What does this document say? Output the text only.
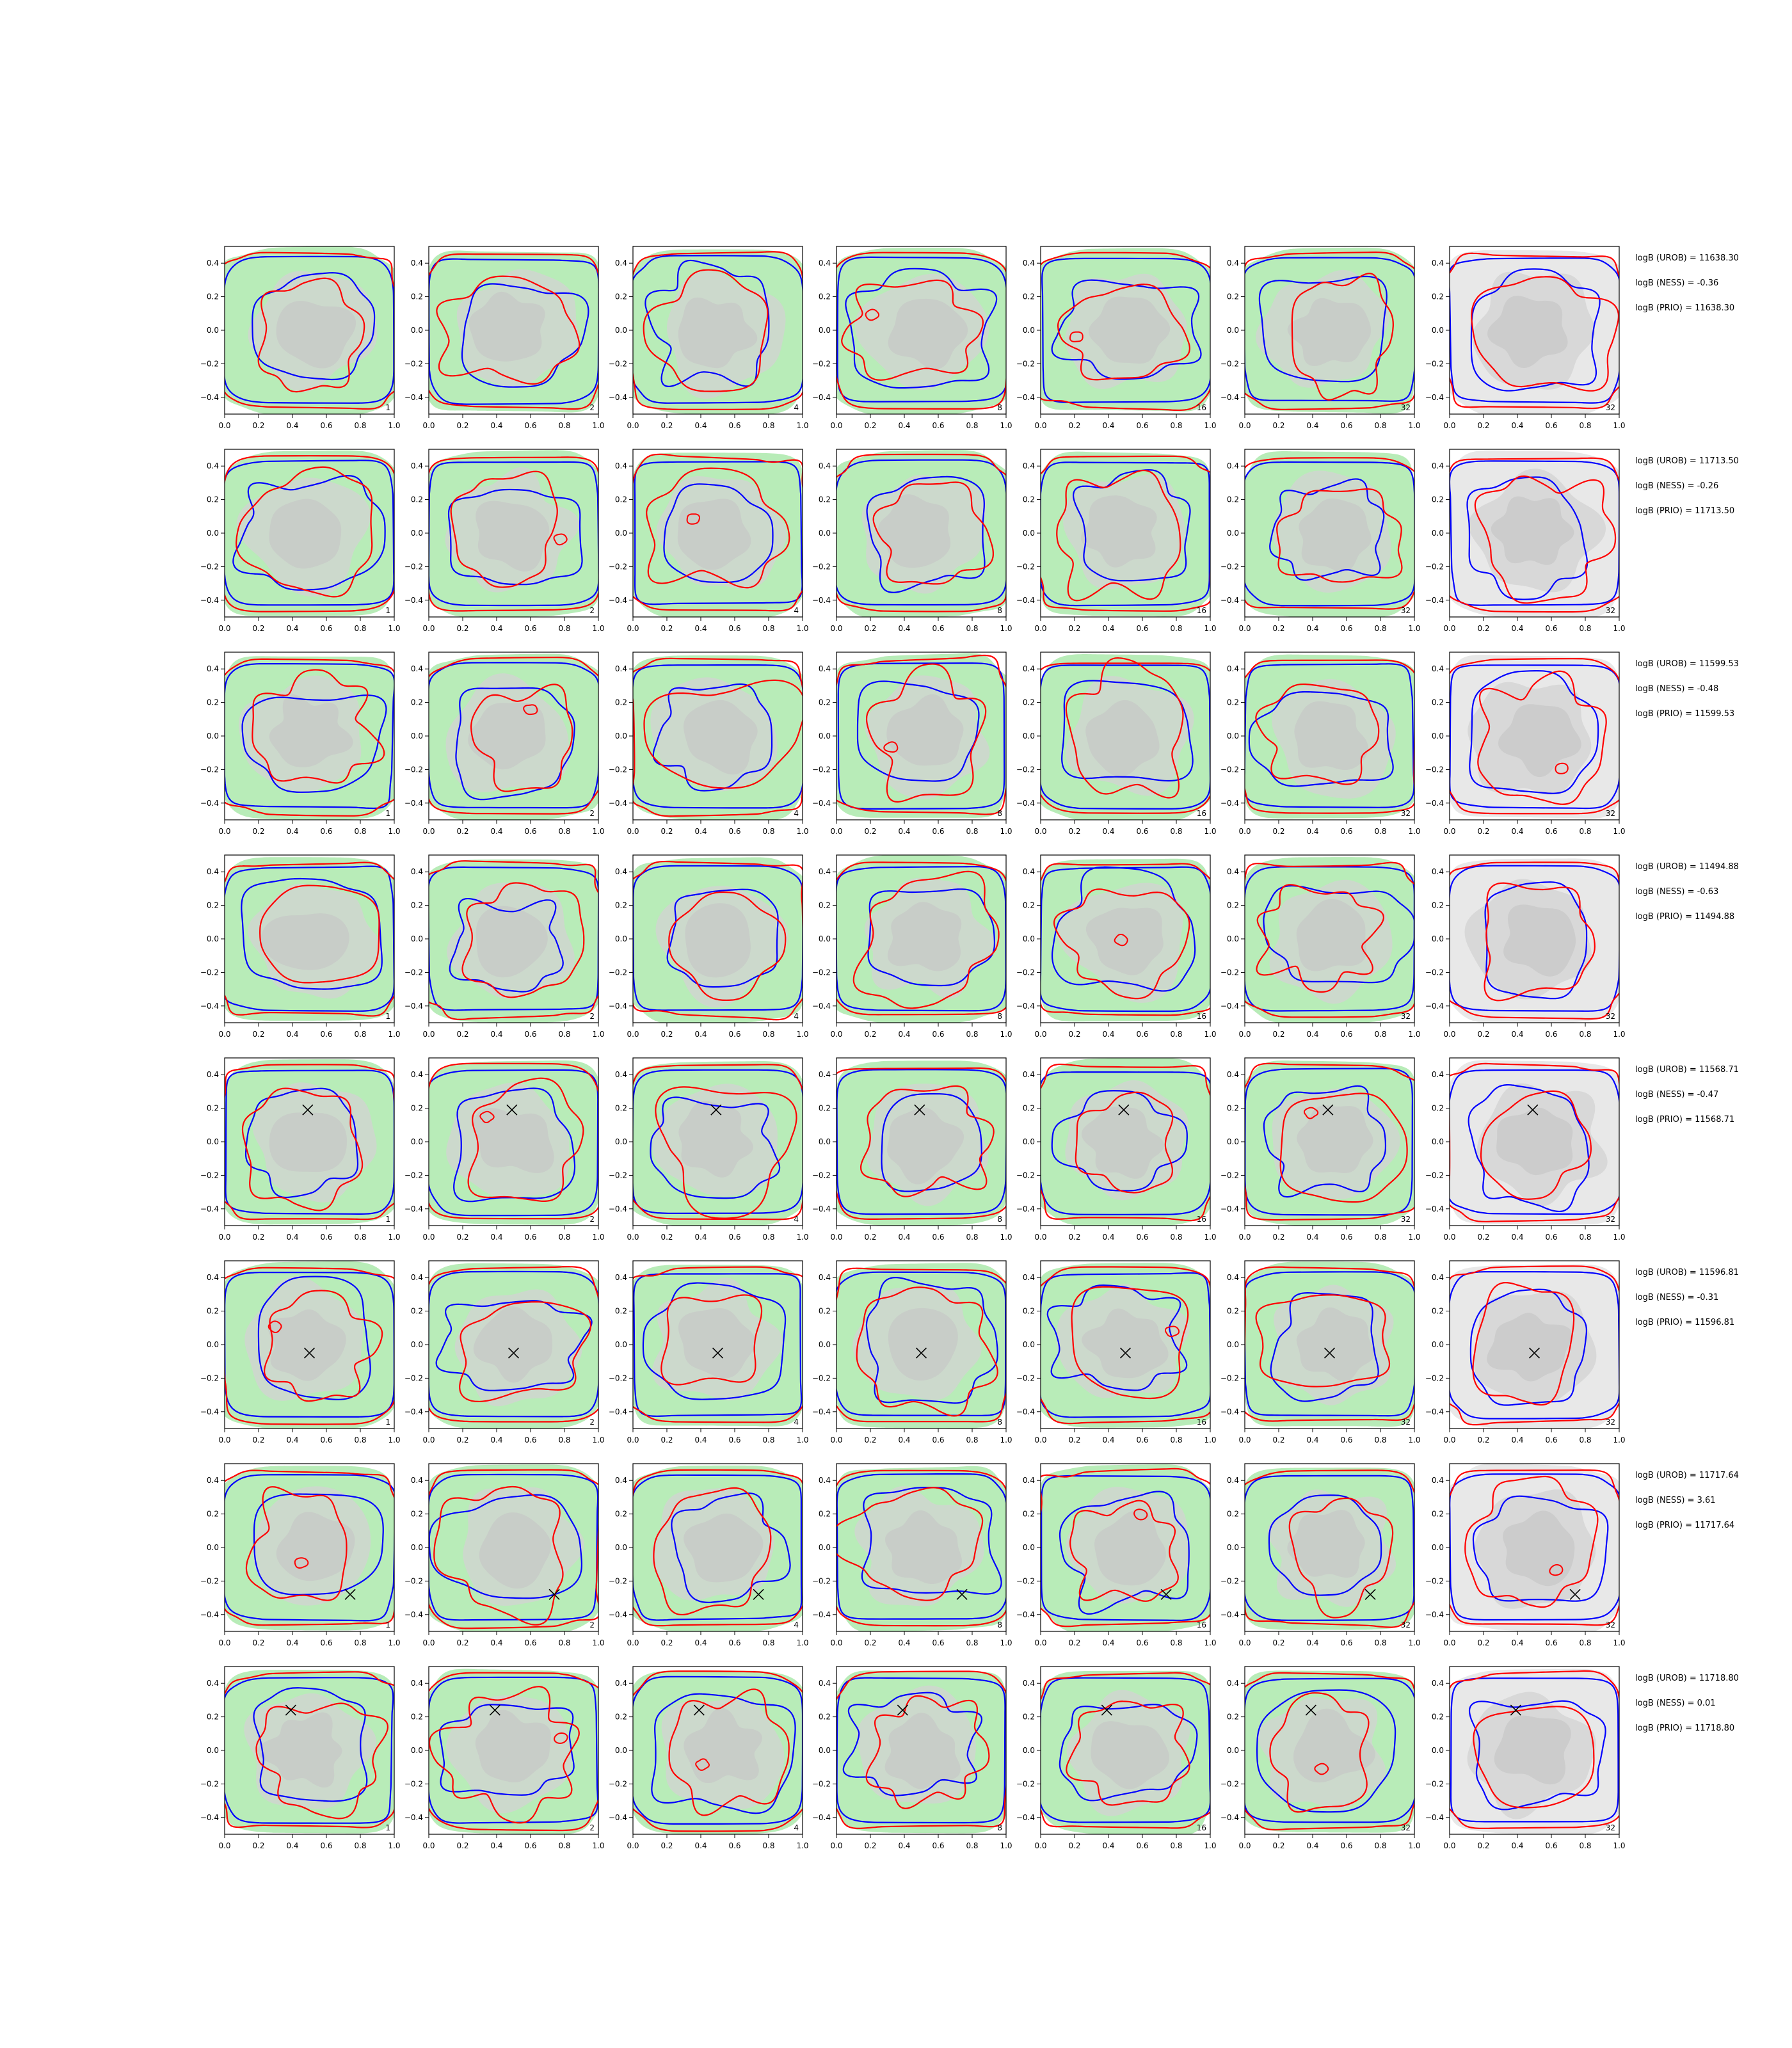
0.0	0.2	0.4	0.6	0.8	1.0
0.4
0.2
0.0
−0.2
−0.4
1
0.0	0.2	0.4	0.6	0.8	1.0
0.4
0.2
0.0
−0.2
−0.4
2
0.0	0.2	0.4	0.6	0.8	1.0
0.4
0.2
0.0
−0.2
−0.4
4
0.0	0.2	0.4	0.6	0.8	1.0
0.4
0.2
0.0
−0.2
−0.4
8
0.0	0.2	0.4	0.6	0.8	1.0
0.4
0.2
0.0
−0.2
−0.4
16
0.0	0.2	0.4	0.6	0.8	1.0
0.4
0.2
0.0
−0.2
−0.4
32
0.0	0.2	0.4	0.6	0.8	1.0
0.4
0.2
0.0
−0.2
−0.4
32
0.0	0.2	0.4	0.6	0.8	1.0
0.4
0.2
0.0
−0.2
−0.4
1
0.0	0.2	0.4	0.6	0.8	1.0
0.4
0.2
0.0
−0.2
−0.4
2
0.0	0.2	0.4	0.6	0.8	1.0
0.4
0.2
0.0
−0.2
−0.4
4
0.0	0.2	0.4	0.6	0.8	1.0
0.4
0.2
0.0
−0.2
−0.4
8
0.0	0.2	0.4	0.6	0.8	1.0
0.4
0.2
0.0
−0.2
−0.4
16
0.0	0.2	0.4	0.6	0.8	1.0
0.4
0.2
0.0
−0.2
−0.4
32
0.0	0.2	0.4	0.6	0.8	1.0
0.4
0.2
0.0
−0.2
−0.4
32
0.0	0.2	0.4	0.6	0.8	1.0
0.4
0.2
0.0
−0.2
−0.4
1
0.0	0.2	0.4	0.6	0.8	1.0
0.4
0.2
0.0
−0.2
−0.4
2
0.0	0.2	0.4	0.6	0.8	1.0
0.4
0.2
0.0
−0.2
−0.4
4
0.0	0.2	0.4	0.6	0.8	1.0
0.4
0.2
0.0
−0.2
−0.4
8
0.0	0.2	0.4	0.6	0.8	1.0
0.4
0.2
0.0
−0.2
−0.4
16
0.0	0.2	0.4	0.6	0.8	1.0
0.4
0.2
0.0
−0.2
−0.4
32
0.0	0.2	0.4	0.6	0.8	1.0
0.4
0.2
0.0
−0.2
−0.4
32
0.0	0.2	0.4	0.6	0.8	1.0
0.4
0.2
0.0
−0.2
−0.4
1
0.0	0.2	0.4	0.6	0.8	1.0
0.4
0.2
0.0
−0.2
−0.4
2
0.0	0.2	0.4	0.6	0.8	1.0
0.4
0.2
0.0
−0.2
−0.4
4
0.0	0.2	0.4	0.6	0.8	1.0
0.4
0.2
0.0
−0.2
−0.4
8
0.0	0.2	0.4	0.6	0.8	1.0
0.4
0.2
0.0
−0.2
−0.4
16
0.0	0.2	0.4	0.6	0.8	1.0
0.4
0.2
0.0
−0.2
−0.4
32
0.0	0.2	0.4	0.6	0.8	1.0
0.4
0.2
0.0
−0.2
−0.4
32
0.0	0.2	0.4	0.6	0.8	1.0
0.4
0.2
0.0
−0.2
−0.4
1
0.0	0.2	0.4	0.6	0.8	1.0
0.4
0.2
0.0
−0.2
−0.4
2
0.0	0.2	0.4	0.6	0.8	1.0
0.4
0.2
0.0
−0.2
−0.4
4
0.0	0.2	0.4	0.6	0.8	1.0
0.4
0.2
0.0
−0.2
−0.4
8
0.0	0.2	0.4	0.6	0.8	1.0
0.4
0.2
0.0
−0.2
−0.4
16
0.0	0.2	0.4	0.6	0.8	1.0
0.4
0.2
0.0
−0.2
−0.4
32
0.0	0.2	0.4	0.6	0.8	1.0
0.4
0.2
0.0
−0.2
−0.4
32
0.0	0.2	0.4	0.6	0.8	1.0
0.4
0.2
0.0
−0.2
−0.4
1
0.0	0.2	0.4	0.6	0.8	1.0
0.4
0.2
0.0
−0.2
−0.4
2
0.0	0.2	0.4	0.6	0.8	1.0
0.4
0.2
0.0
−0.2
−0.4
4
0.0	0.2	0.4	0.6	0.8	1.0
0.4
0.2
0.0
−0.2
−0.4
8
0.0	0.2	0.4	0.6	0.8	1.0
0.4
0.2
0.0
−0.2
−0.4
16
0.0	0.2	0.4	0.6	0.8	1.0
0.4
0.2
0.0
−0.2
−0.4
32
0.0	0.2	0.4	0.6	0.8	1.0
0.4
0.2
0.0
−0.2
−0.4
32
0.0	0.2	0.4	0.6	0.8	1.0
0.4
0.2
0.0
−0.2
−0.4
1
0.0	0.2	0.4	0.6	0.8	1.0
0.4
0.2
0.0
−0.2
−0.4
2
0.0	0.2	0.4	0.6	0.8	1.0
0.4
0.2
0.0
−0.2
−0.4
4
0.0	0.2	0.4	0.6	0.8	1.0
0.4
0.2
0.0
−0.2
−0.4
8
0.0	0.2	0.4	0.6	0.8	1.0
0.4
0.2
0.0
−0.2
−0.4
16
0.0	0.2	0.4	0.6	0.8	1.0
0.4
0.2
0.0
−0.2
−0.4
32
0.0	0.2	0.4	0.6	0.8	1.0
0.4
0.2
0.0
−0.2
−0.4
32
0.0	0.2	0.4	0.6	0.8	1.0
0.4
0.2
0.0
−0.2
−0.4
1
0.0	0.2	0.4	0.6	0.8	1.0
0.4
0.2
0.0
−0.2
−0.4
2
0.0	0.2	0.4	0.6	0.8	1.0
0.4
0.2
0.0
−0.2
−0.4
4
0.0	0.2	0.4	0.6	0.8	1.0
0.4
0.2
0.0
−0.2
−0.4
8
0.0	0.2	0.4	0.6	0.8	1.0
0.4
0.2
0.0
−0.2
−0.4
16
0.0	0.2	0.4	0.6	0.8	1.0
0.4
0.2
0.0
−0.2
−0.4
32
0.0	0.2	0.4	0.6	0.8	1.0
0.4
0.2
0.0
−0.2
−0.4
32
logB (UROB) = 11638.30
logB (NESS) = -0.36
logB (PRIO) = 11638.30
logB (UROB) = 11713.50
logB (NESS) = -0.26
logB (PRIO) = 11713.50
logB (UROB) = 11599.53
logB (NESS) = -0.48
logB (PRIO) = 11599.53
logB (UROB) = 11494.88
logB (NESS) = -0.63
logB (PRIO) = 11494.88
logB (UROB) = 11568.71
logB (NESS) = -0.47
logB (PRIO) = 11568.71
logB (UROB) = 11596.81
logB (NESS) = -0.31
logB (PRIO) = 11596.81
logB (UROB) = 11717.64
logB (NESS) = 3.61
logB (PRIO) = 11717.64
logB (UROB) = 11718.80
logB (NESS) = 0.01
logB (PRIO) = 11718.80
